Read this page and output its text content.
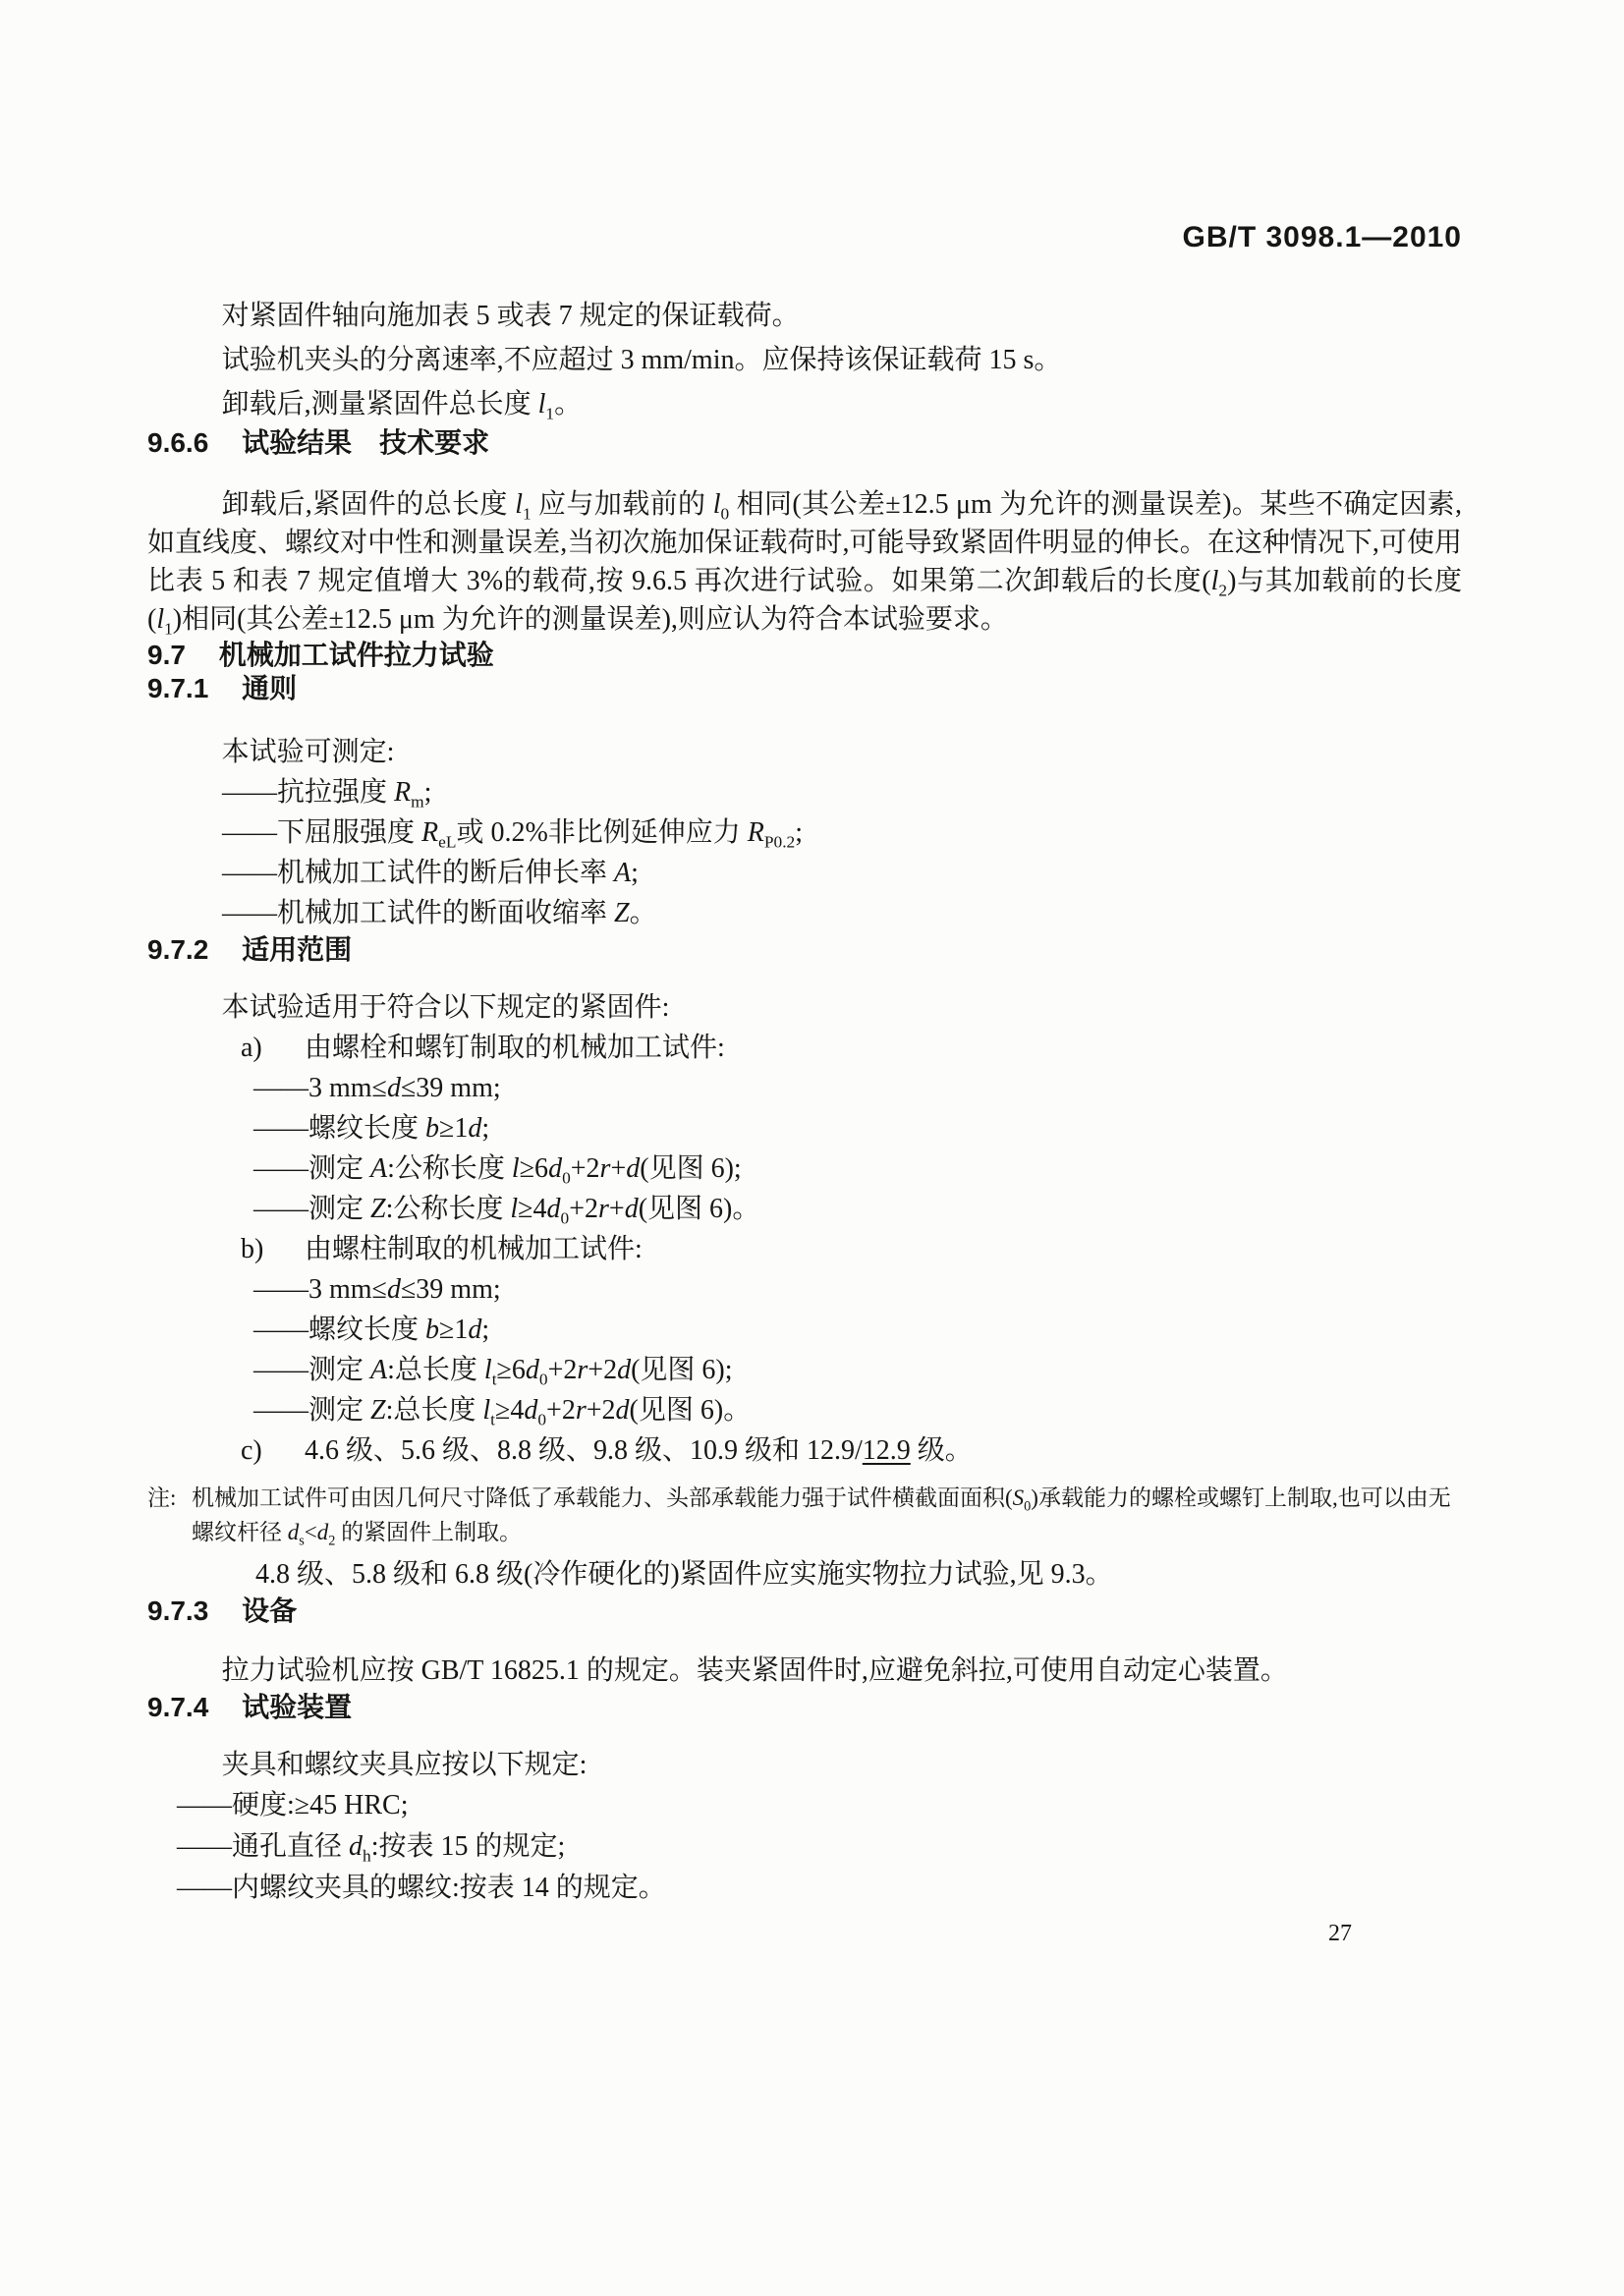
GB/T 3098.1—2010

对紧固件轴向施加表 5 或表 7 规定的保证载荷。

试验机夹头的分离速率,不应超过 3 mm/min。应保持该保证载荷 15 s。

卸载后,测量紧固件总长度 $l_1$。

9.6.6 试验结果　技术要求

卸载后,紧固件的总长度 $l_1$ 应与加载前的 $l_0$ 相同(其公差±12.5 μm 为允许的测量误差)。某些不确定因素,如直线度、螺纹对中性和测量误差,当初次施加保证载荷时,可能导致紧固件明显的伸长。在这种情况下,可使用比表 5 和表 7 规定值增大 3%的载荷,按 9.6.5 再次进行试验。如果第二次卸载后的长度$(l_2)$与其加载前的长度$(l_1)$相同(其公差±12.5 μm 为允许的测量误差),则应认为符合本试验要求。

9.7 机械加工试件拉力试验
9.7.1 通则

本试验可测定:

——抗拉强度 $R_m$;
——下屈服强度 $R_{eL}$或 0.2%非比例延伸应力 $R_{P0.2}$;
——机械加工试件的断后伸长率 A;
——机械加工试件的断面收缩率 Z。
9.7.2 适用范围

本试验适用于符合以下规定的紧固件:

a) 由螺栓和螺钉制取的机械加工试件:
——3 mm≤d≤39 mm;
——螺纹长度 b≥1d;
——测定 A:公称长度 $l\ge 6d_0+2r+d$(见图 6);
——测定 Z:公称长度 $l\ge 4d_0+2r+d$(见图 6)。
b) 由螺柱制取的机械加工试件:
——3 mm≤d≤39 mm;
——螺纹长度 b≥1d;
——测定 A:总长度 $l_t\ge 6d_0+2r+2d$(见图 6);
——测定 Z:总长度 $l_t\ge 4d_0+2r+2d$(见图 6)。
c) 4.6 级、5.6 级、8.8 级、9.8 级、10.9 级和 12.9/12.9 级。
注: 机械加工试件可由因几何尺寸降低了承载能力、头部承载能力强于试件横截面面积$(S_0)$承载能力的螺栓或螺钉上制取,也可以由无螺纹杆径 $d_s<d_2$ 的紧固件上制取。

4.8 级、5.8 级和 6.8 级(冷作硬化的)紧固件应实施实物拉力试验,见 9.3。

9.7.3 设备

拉力试验机应按 GB/T 16825.1 的规定。装夹紧固件时,应避免斜拉,可使用自动定心装置。

9.7.4 试验装置

夹具和螺纹夹具应按以下规定:

——硬度:≥45 HRC;
——通孔直径 $d_h$:按表 15 的规定;
——内螺纹夹具的螺纹:按表 14 的规定。
27
